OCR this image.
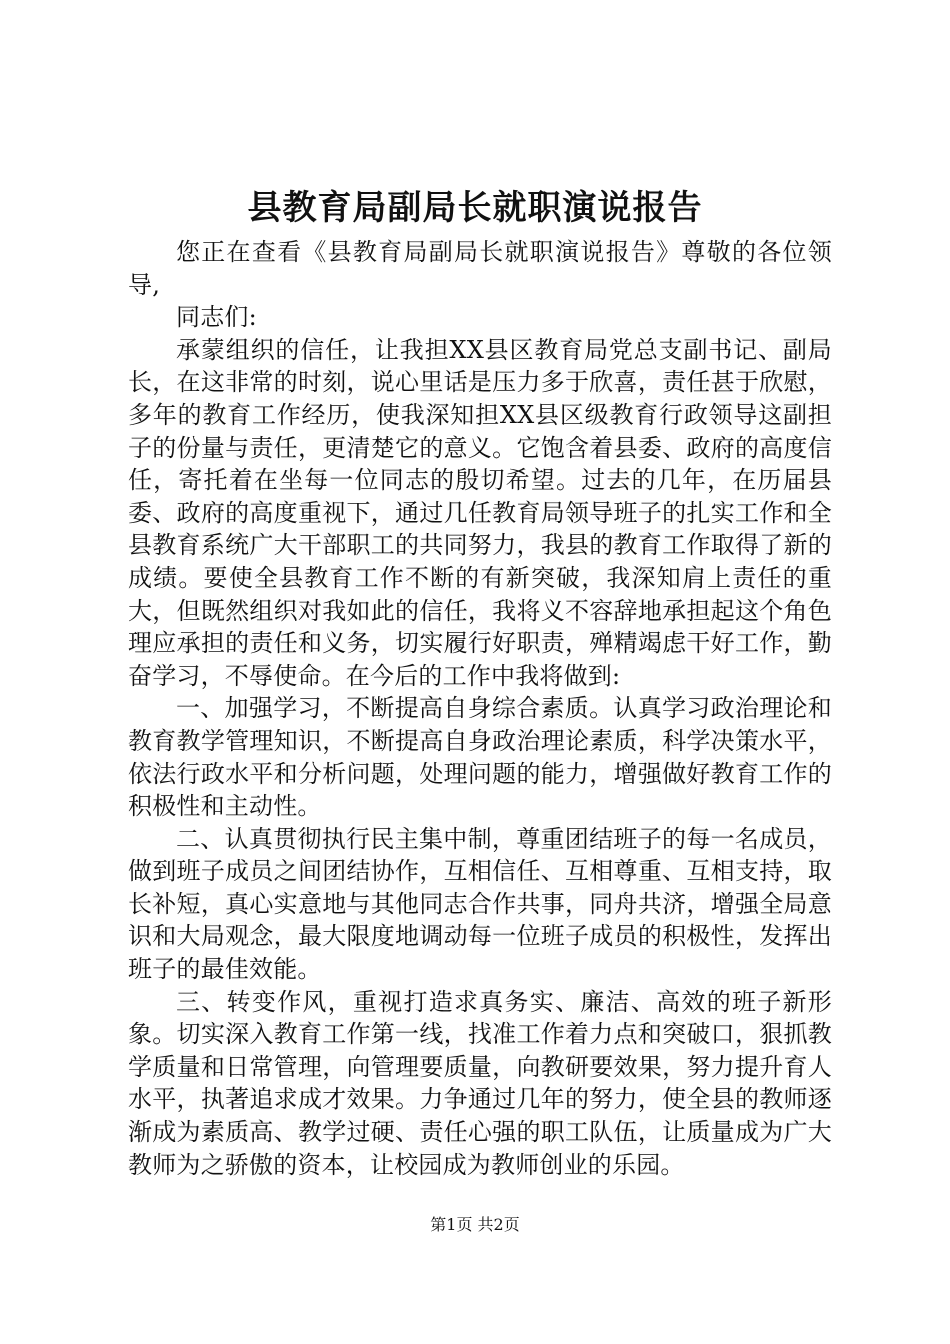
县教育局副局长就职演说报告

您正在查看《县教育局副局长就职演说报告》尊敬的各位领导,

同志们:

承蒙组织的信任，让我担XX县区教育局党总支副书记、副局长，在这非常的时刻，说心里话是压力多于欣喜，责任甚于欣慰，多年的教育工作经历，使我深知担XX县区级教育行政领导这副担子的份量与责任，更清楚它的意义。它饱含着县委、政府的高度信任，寄托着在坐每一位同志的殷切希望。过去的几年，在历届县委、政府的高度重视下，通过几任教育局领导班子的扎实工作和全县教育系统广大干部职工的共同努力，我县的教育工作取得了新的成绩。要使全县教育工作不断的有新突破，我深知肩上责任的重大，但既然组织对我如此的信任，我将义不容辞地承担起这个角色理应承担的责任和义务，切实履行好职责，殚精竭虑干好工作，勤奋学习，不辱使命。在今后的工作中我将做到:

一、加强学习，不断提高自身综合素质。认真学习政治理论和教育教学管理知识，不断提高自身政治理论素质，科学决策水平，依法行政水平和分析问题，处理问题的能力，增强做好教育工作的积极性和主动性。

二、认真贯彻执行民主集中制，尊重团结班子的每一名成员，做到班子成员之间团结协作，互相信任、互相尊重、互相支持，取长补短，真心实意地与其他同志合作共事，同舟共济，增强全局意识和大局观念，最大限度地调动每一位班子成员的积极性，发挥出班子的最佳效能。

三、转变作风，重视打造求真务实、廉洁、高效的班子新形象。切实深入教育工作第一线，找准工作着力点和突破口，狠抓教学质量和日常管理，向管理要质量，向教研要效果，努力提升育人水平，执著追求成才效果。力争通过几年的努力，使全县的教师逐渐成为素质高、教学过硬、责任心强的职工队伍，让质量成为广大教师为之骄傲的资本，让校园成为教师创业的乐园。

第1页 共2页
